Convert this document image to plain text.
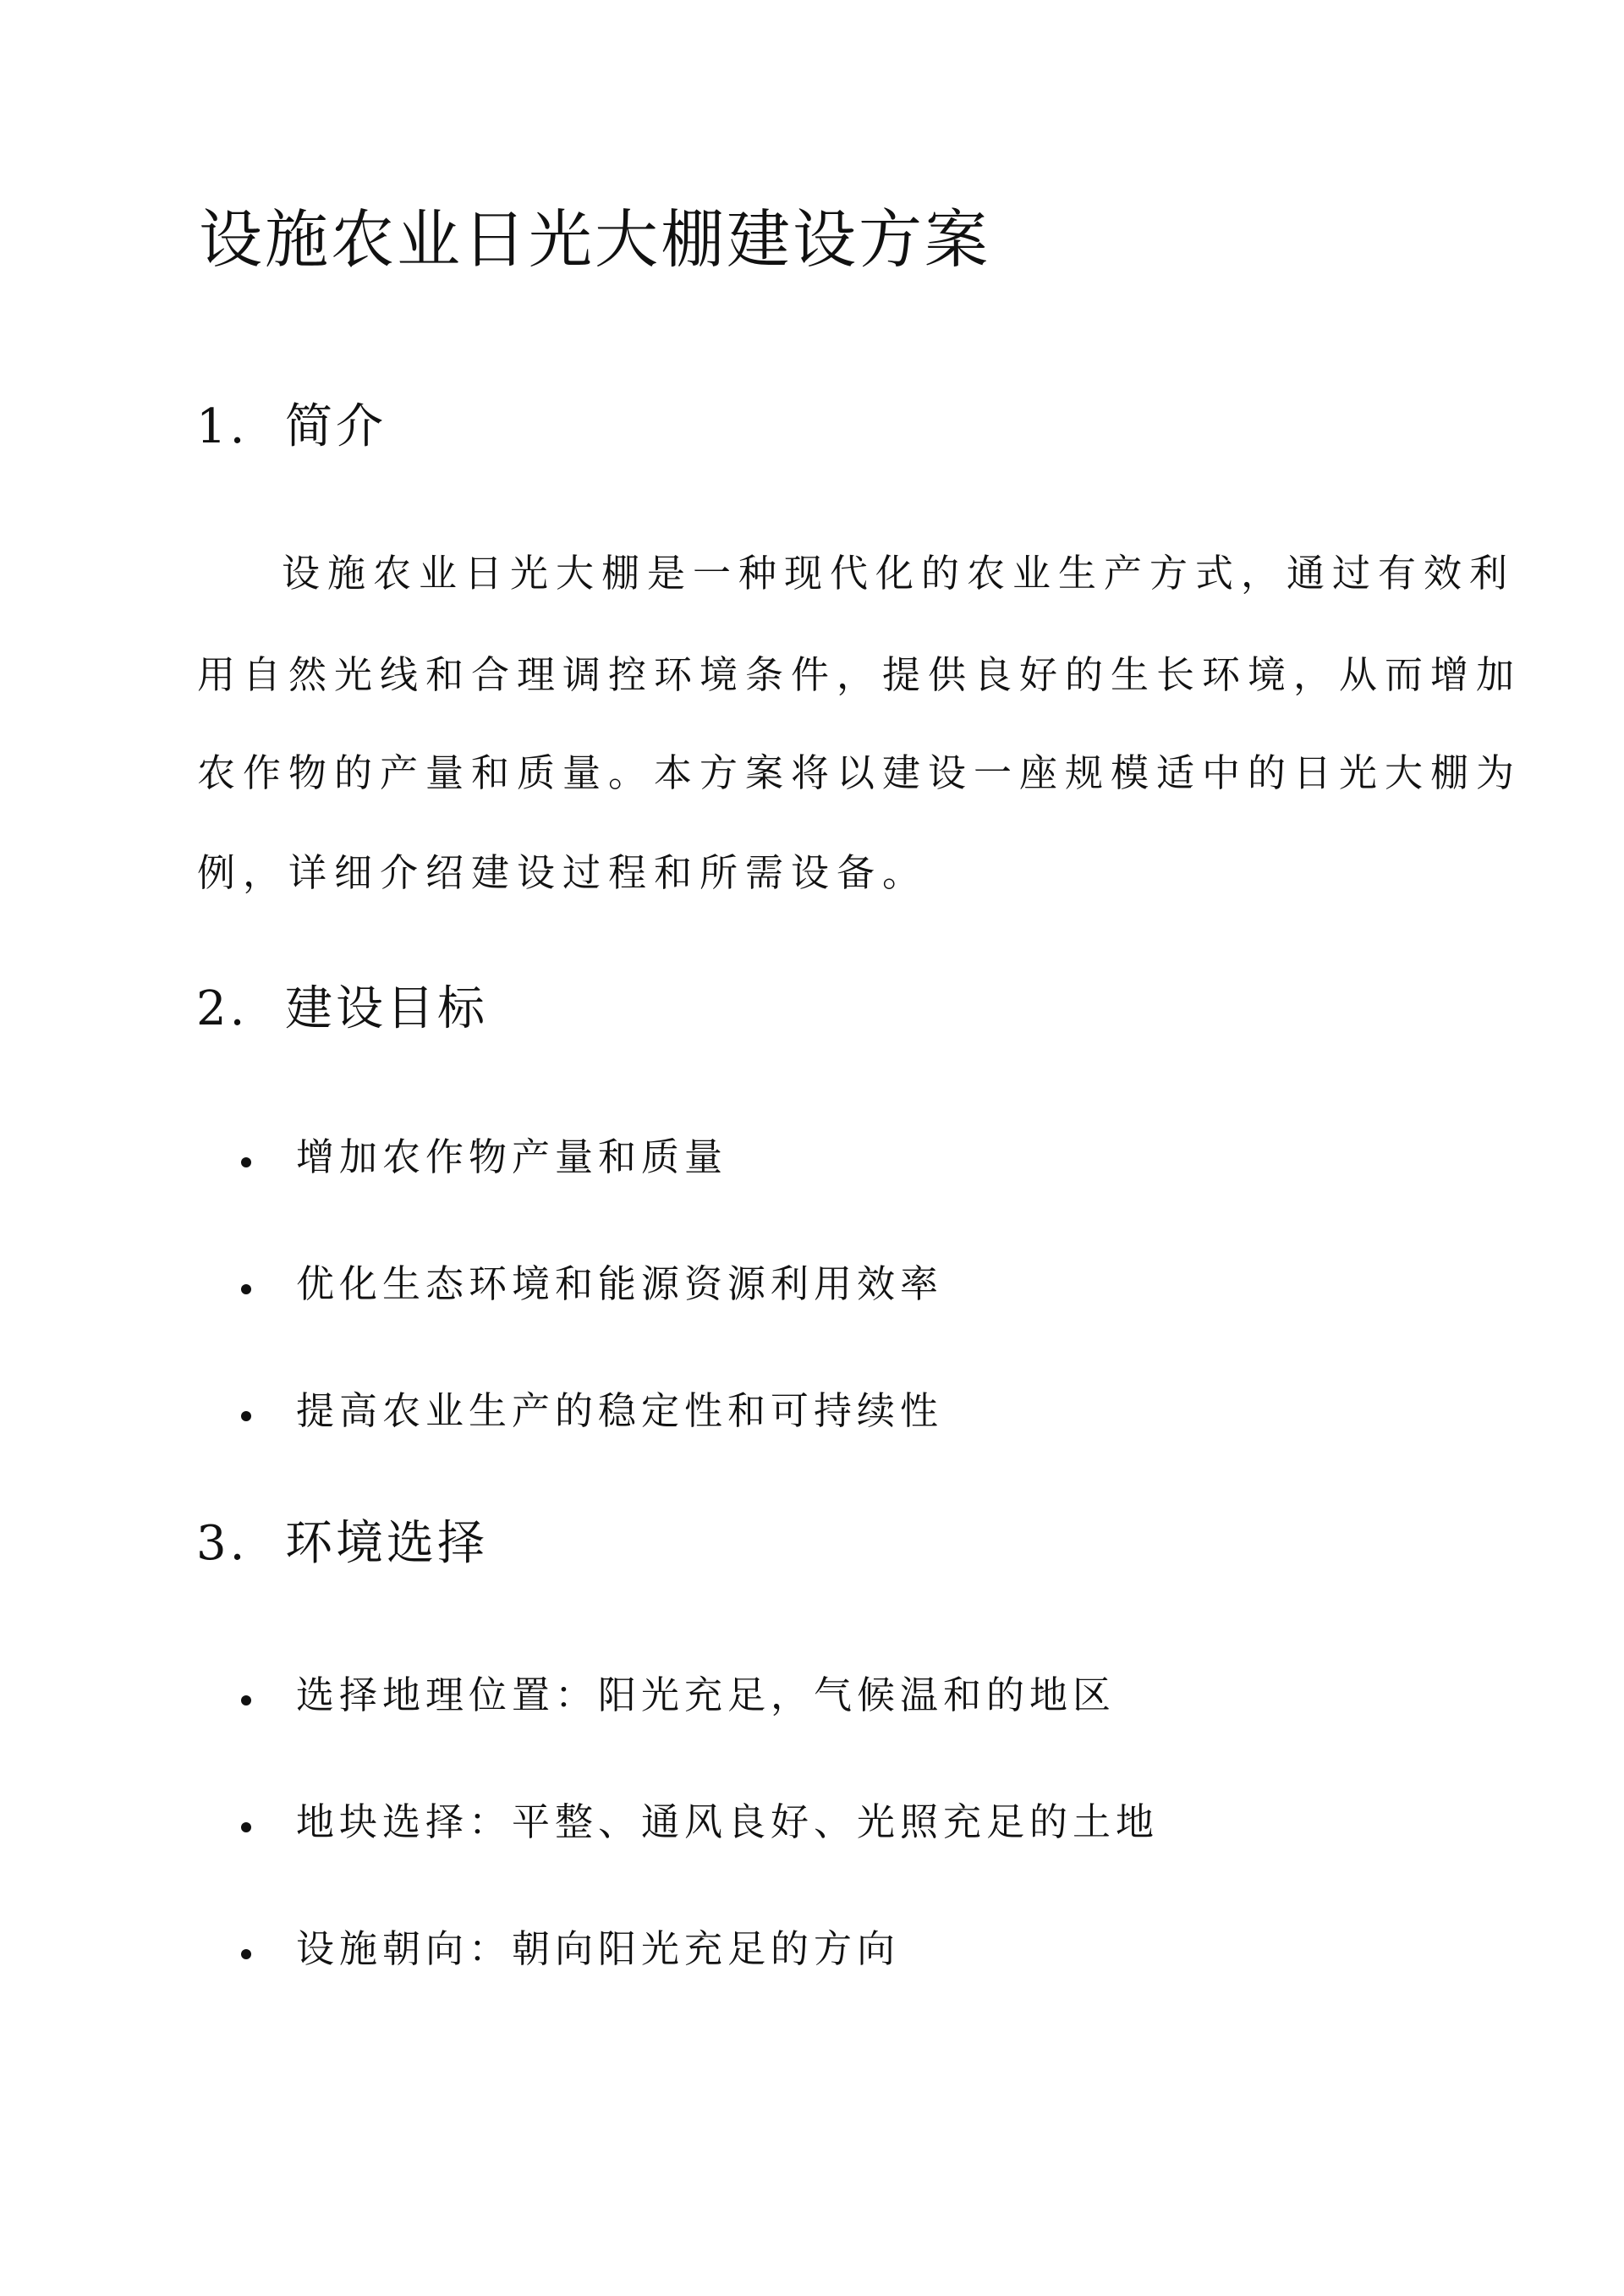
设施农业日光大棚建设方案
1. 简介

设施农业日光大棚是一种现代化的农业生产方式，通过有效利

用自然光线和合理调控环境条件，提供良好的生长环境，从而增加

农作物的产量和质量。本方案将以建设一座规模适中的日光大棚为

例，详细介绍建设过程和所需设备。

2. 建设目标
增加农作物产量和质量
优化生态环境和能源资源利用效率
提高农业生产的稳定性和可持续性
3. 环境选择
选择地理位置：阳光充足，气候温和的地区
地块选择：平整、通风良好、光照充足的土地
设施朝向：朝向阳光充足的方向
